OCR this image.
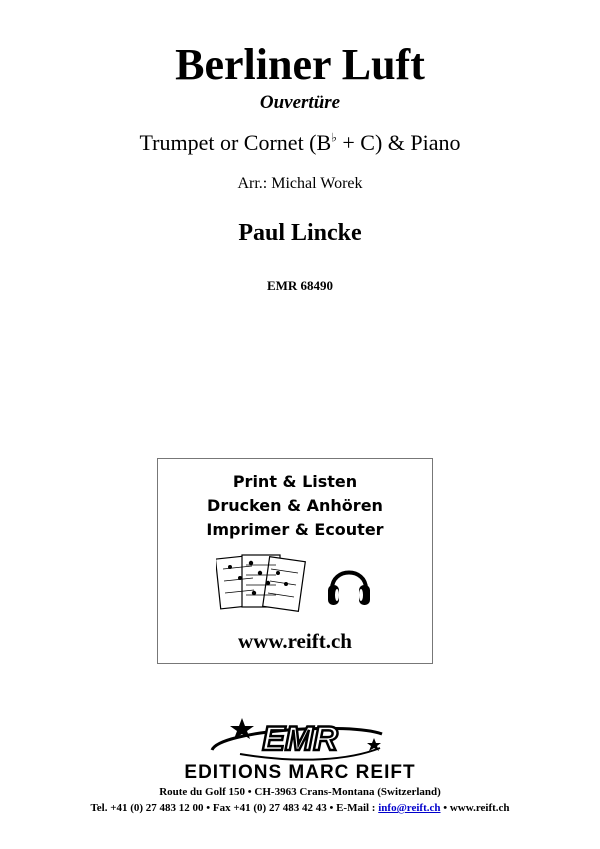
Berliner Luft
Ouvertüre
Trumpet or Cornet (B♭ + C) & Piano
Arr.: Michal Worek
Paul Lincke
EMR 68490
Print & Listen
Drucken & Anhören
Imprimer & Ecouter
www.reift.ch
EMR
EDITIONS MARC REIFT
Route du Golf 150 • CH-3963 Crans-Montana (Switzerland)
Tel. +41 (0) 27 483 12 00 • Fax +41 (0) 27 483 42 43 • E-Mail : info@reift.ch • www.reift.ch
